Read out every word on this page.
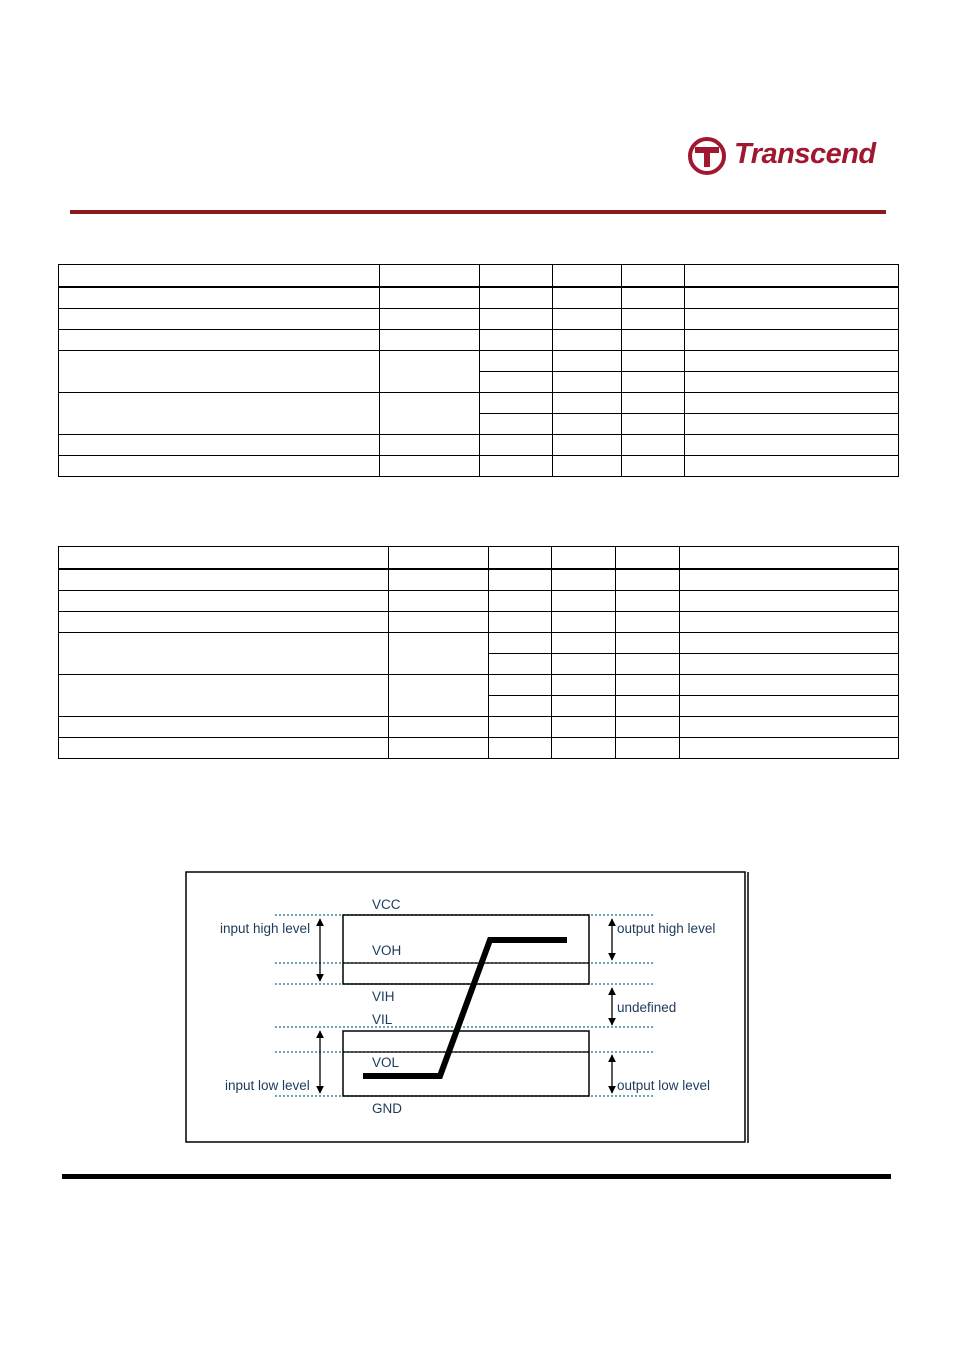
Transcend

VCC
VOH
VIH
VIL
VOL
GND
input high level
input low level
output high level
undefined
output low level
